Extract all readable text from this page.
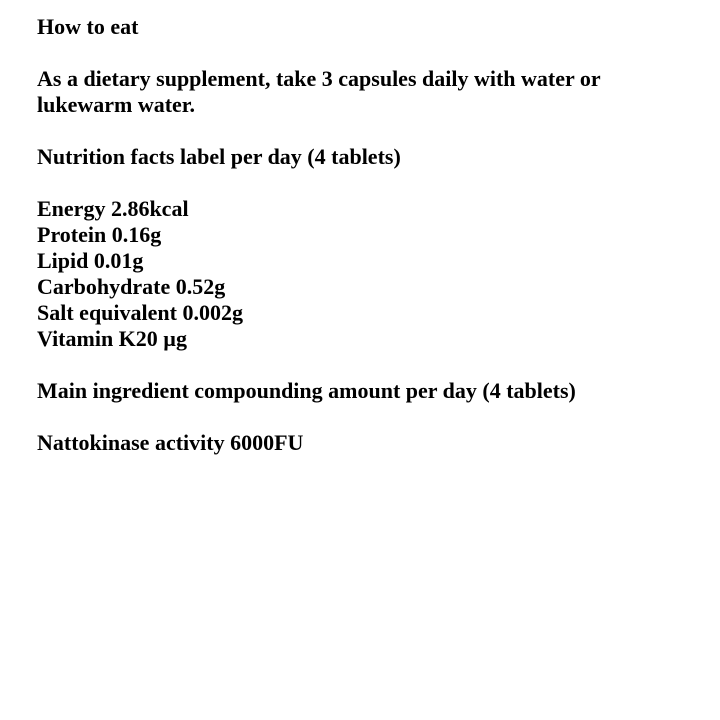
How to eat

As a dietary supplement, take 3 capsules daily with water or lukewarm water.

Nutrition facts label per day (4 tablets)

Energy 2.86kcal

Protein 0.16g

Lipid 0.01g

Carbohydrate 0.52g

Salt equivalent 0.002g

Vitamin K20 µg

Main ingredient compounding amount per day (4 tablets)

Nattokinase activity 6000FU
